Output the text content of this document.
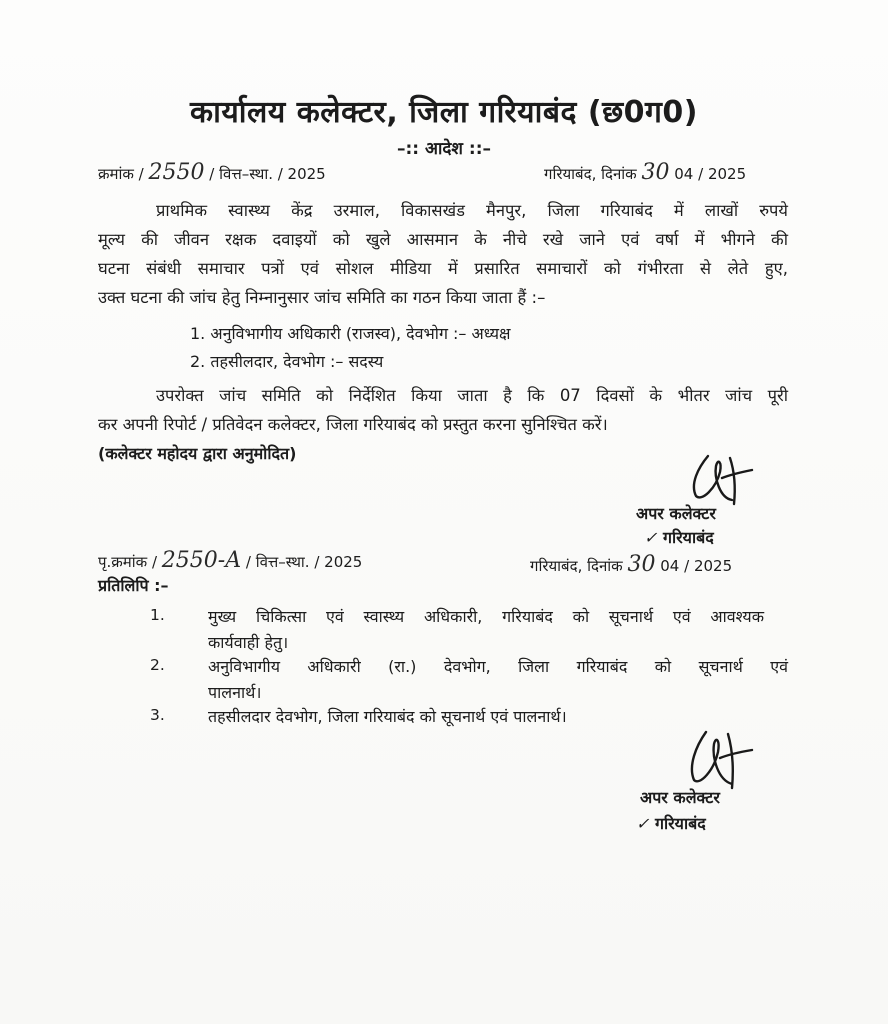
कार्यालय कलेक्टर, जिला गरियाबंद (छ0ग0)
–:: आदेश ::–
क्रमांक / 2550 / वित्त–स्था. / 2025	गरियाबंद, दिनांक 30 04 / 2025
प्राथमिक स्वास्थ्य केंद्र उरमाल, विकासखंड मैनपुर, जिला गरियाबंद में लाखों रुपये
मूल्य की जीवन रक्षक दवाइयों को खुले आसमान के नीचे रखे जाने एवं वर्षा में भीगने की
घटना संबंधी समाचार पत्रों एवं सोशल मीडिया में प्रसारित समाचारों को गंभीरता से लेते हुए,
उक्त घटना की जांच हेतु निम्नानुसार जांच समिति का गठन किया जाता हैं :–
1. अनुविभागीय अधिकारी (राजस्व), देवभोग :– अध्यक्ष
2. तहसीलदार, देवभोग :– सदस्य
उपरोक्त जांच समिति को निर्देशित किया जाता है कि 07 दिवसों के भीतर जांच पूरी
कर अपनी रिपोर्ट / प्रतिवेदन कलेक्टर, जिला गरियाबंद को प्रस्तुत करना सुनिश्चित करें।
(कलेक्टर महोदय द्वारा अनुमोदित)
अपर कलेक्टर
✓ गरियाबंद
पृ.क्रमांक / 2550-A / वित्त–स्था. / 2025	गरियाबंद, दिनांक 30 04 / 2025
प्रतिलिपि :–
1.	मुख्य चिकित्सा एवं स्वास्थ्य अधिकारी, गरियाबंद को सूचनार्थ एवं आवश्यक
कार्यवाही हेतु।
2.	अनुविभागीय अधिकारी (रा.) देवभोग, जिला गरियाबंद को सूचनार्थ एवं
पालनार्थ।
3.	तहसीलदार देवभोग, जिला गरियाबंद को सूचनार्थ एवं पालनार्थ।
अपर कलेक्टर
✓ गरियाबंद
